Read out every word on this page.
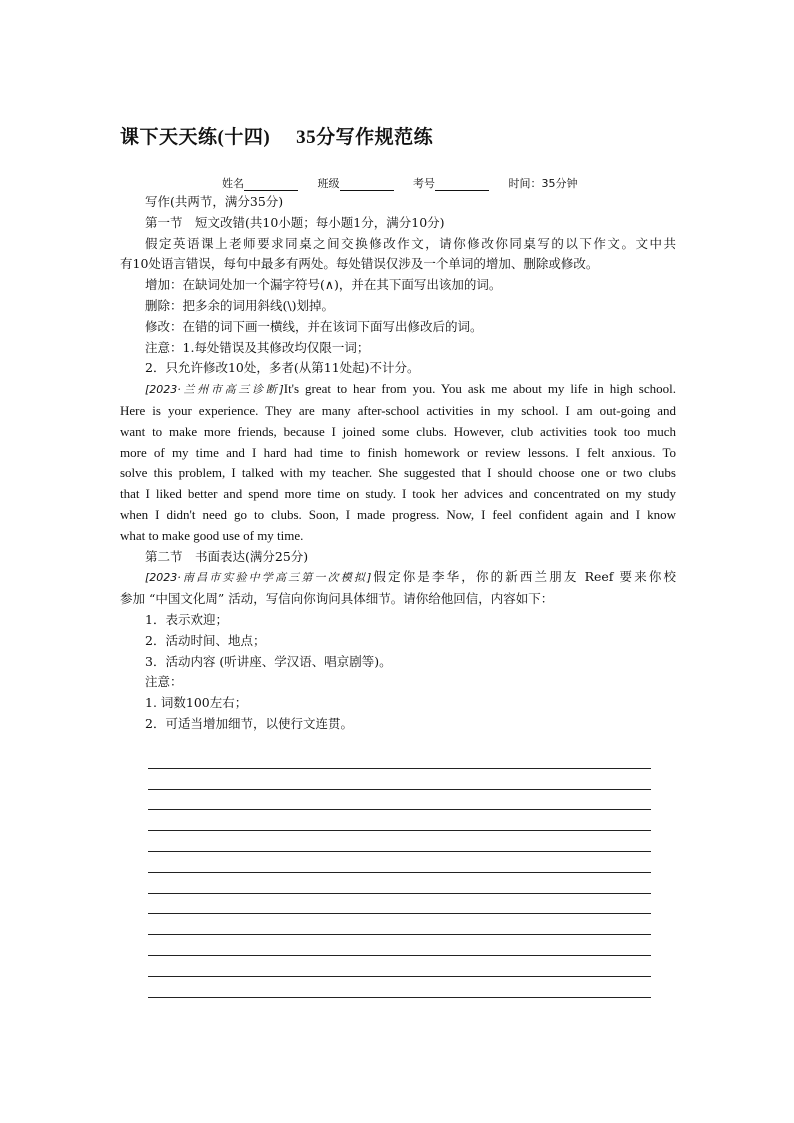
课下天天练(十四) 35分写作规范练
姓名	班级	考号	时间：35分钟

写作(共两节，满分35分)

第一节　短文改错(共10小题；每小题1分，满分10分)

假定英语课上老师要求同桌之间交换修改作文，请你修改你同桌写的以下作文。文中共

有10处语言错误，每句中最多有两处。每处错误仅涉及一个单词的增加、删除或修改。

增加：在缺词处加一个漏字符号(∧)，并在其下面写出该加的词。

删除：把多余的词用斜线(\)划掉。

修改：在错的词下画一横线，并在该词下面写出修改后的词。

注意：1.每处错误及其修改均仅限一词；

2．只允许修改10处，多者(从第11处起)不计分。

[2023·兰州市高三诊断]It's great to hear from you. You ask me about my life in high school.

Here is your experience. They are many after-school activities in my school. I am out-going and

want to make more friends, because I joined some clubs. However, club activities took too much

more of my time and I hard had time to finish homework or review lessons. I felt anxious. To

solve this problem, I talked with my teacher. She suggested that I should choose one or two clubs

that I liked better and spend more time on study. I took her advices and concentrated on my study

when I didn't need go to clubs. Soon, I made progress. Now, I feel confident again and I know

what to make good use of my time.

第二节　书面表达(满分25分)

[2023·南昌市实验中学高三第一次模拟]假定你是李华，你的新西兰朋友 Reef 要来你校

参加 “中国文化周” 活动，写信向你询问具体细节。请你给他回信，内容如下：

1．表示欢迎；

2．活动时间、地点；

3．活动内容 (听讲座、学汉语、唱京剧等)。

注意：

1. 词数100左右；

2．可适当增加细节，以使行文连贯。
